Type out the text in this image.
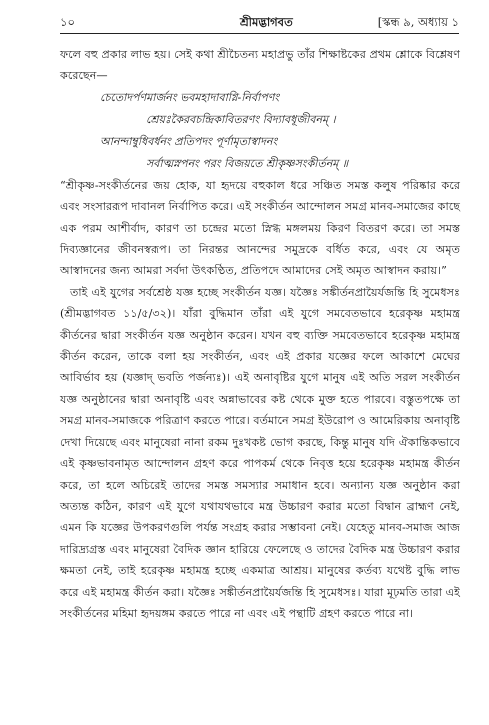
১০	শ্রীমদ্ভাগবত	[স্কন্ধ ৯, অধ্যায় ১

ফলে বহু প্রকার লাভ হয়। সেই কথা শ্রীচৈতন্য মহাপ্রভু তাঁর শিক্ষাষ্টকের প্রথম শ্লোকে বিশ্লেষণ করেছেন—

চেতোদর্পণমার্জনং ভবমহাদাবাগ্নি-নির্বাপণং
শ্রেয়ঃকৈরবচন্দ্রিকাবিতরণং বিদ্যাবধূজীবনম্ ।
আনন্দাম্বুধিবর্ধনং প্রতিপদং পূর্ণামৃতাস্বাদনং
সর্বাত্মস্নপনং পরং বিজয়তে শ্রীকৃষ্ণসংকীর্তনম্ ॥

“শ্রীকৃষ্ণ-সংকীর্তনের জয় হোক, যা হৃদয়ে বহুকাল ধরে সঞ্চিত সমস্ত কলুষ পরিষ্কার করে এবং সংসাররূপ দাবানল নির্বাপিত করে। এই সংকীর্তন আন্দোলন সমগ্র মানব-সমাজের কাছে এক পরম আশীর্বাদ, কারণ তা চন্দ্রের মতো স্নিগ্ধ মঙ্গলময় কিরণ বিতরণ করে। তা সমস্ত দিব্যজ্ঞানের জীবনস্বরূপ। তা নিরন্তর আনন্দের সমুদ্রকে বর্ধিত করে, এবং যে অমৃত আস্বাদনের জন্য আমরা সর্বদা উৎকণ্ঠিত, প্রতিপদে আমাদের সেই অমৃত আস্বাদন করায়।”

তাই এই যুগের সর্বশ্রেষ্ঠ যজ্ঞ হচ্ছে সংকীর্তন যজ্ঞ। যজ্ঞৈঃ সঙ্কীর্তনপ্রায়ৈর্যজন্তি হি সুমেধসঃ (শ্রীমদ্ভাগবত ১১/৫/৩২)। যাঁরা বুদ্ধিমান তাঁরা এই যুগে সমবেতভাবে হরেকৃষ্ণ মহামন্ত্র কীর্তনের দ্বারা সংকীর্তন যজ্ঞ অনুষ্ঠান করেন। যখন বহু ব্যক্তি সমবেতভাবে হরেকৃষ্ণ মহামন্ত্র কীর্তন করেন, তাকে বলা হয় সংকীর্তন, এবং এই প্রকার যজ্ঞের ফলে আকাশে মেঘের আবির্ভাব হয় (যজ্ঞাদ্ ভবতি পর্জন্যঃ)। এই অনাবৃষ্টির যুগে মানুষ এই অতি সরল সংকীর্তন যজ্ঞ অনুষ্ঠানের দ্বারা অনাবৃষ্টি এবং অন্নাভাবের কষ্ট থেকে মুক্ত হতে পারবে। বস্তুতপক্ষে তা সমগ্র মানব-সমাজকে পরিত্রাণ করতে পারে। বর্তমানে সমগ্র ইউরোপ ও আমেরিকায় অনাবৃষ্টি দেখা দিয়েছে এবং মানুষেরা নানা রকম দুঃখকষ্ট ভোগ করছে, কিন্তু মানুষ যদি ঐকান্তিকভাবে এই কৃষ্ণভাবনামৃত আন্দোলন গ্রহণ করে পাপকর্ম থেকে নিবৃত্ত হয়ে হরেকৃষ্ণ মহামন্ত্র কীর্তন করে, তা হলে অচিরেই তাদের সমস্ত সমস্যার সমাধান হবে। অন্যান্য যজ্ঞ অনুষ্ঠান করা অত্যন্ত কঠিন, কারণ এই যুগে যথাযথভাবে মন্ত্র উচ্চারণ করার মতো বিদ্বান ব্রাহ্মণ নেই, এমন কি যজ্ঞের উপকরণগুলি পর্যন্ত সংগ্রহ করার সম্ভাবনা নেই। যেহেতু মানব-সমাজ আজ দারিদ্র্যগ্রস্ত এবং মানুষেরা বৈদিক জ্ঞান হারিয়ে ফেলেছে ও তাদের বৈদিক মন্ত্র উচ্চারণ করার ক্ষমতা নেই, তাই হরেকৃষ্ণ মহামন্ত্র হচ্ছে একমাত্র আশ্রয়। মানুষের কর্তব্য যথেষ্ট বুদ্ধি লাভ করে এই মহামন্ত্র কীর্তন করা। যজ্ঞৈঃ সঙ্কীর্তনপ্রায়ৈর্যজন্তি হি সুমেধসঃ। যারা মূঢ়মতি তারা এই সংকীর্তনের মহিমা হৃদয়ঙ্গম করতে পারে না এবং এই পন্থাটি গ্রহণ করতে পারে না।
